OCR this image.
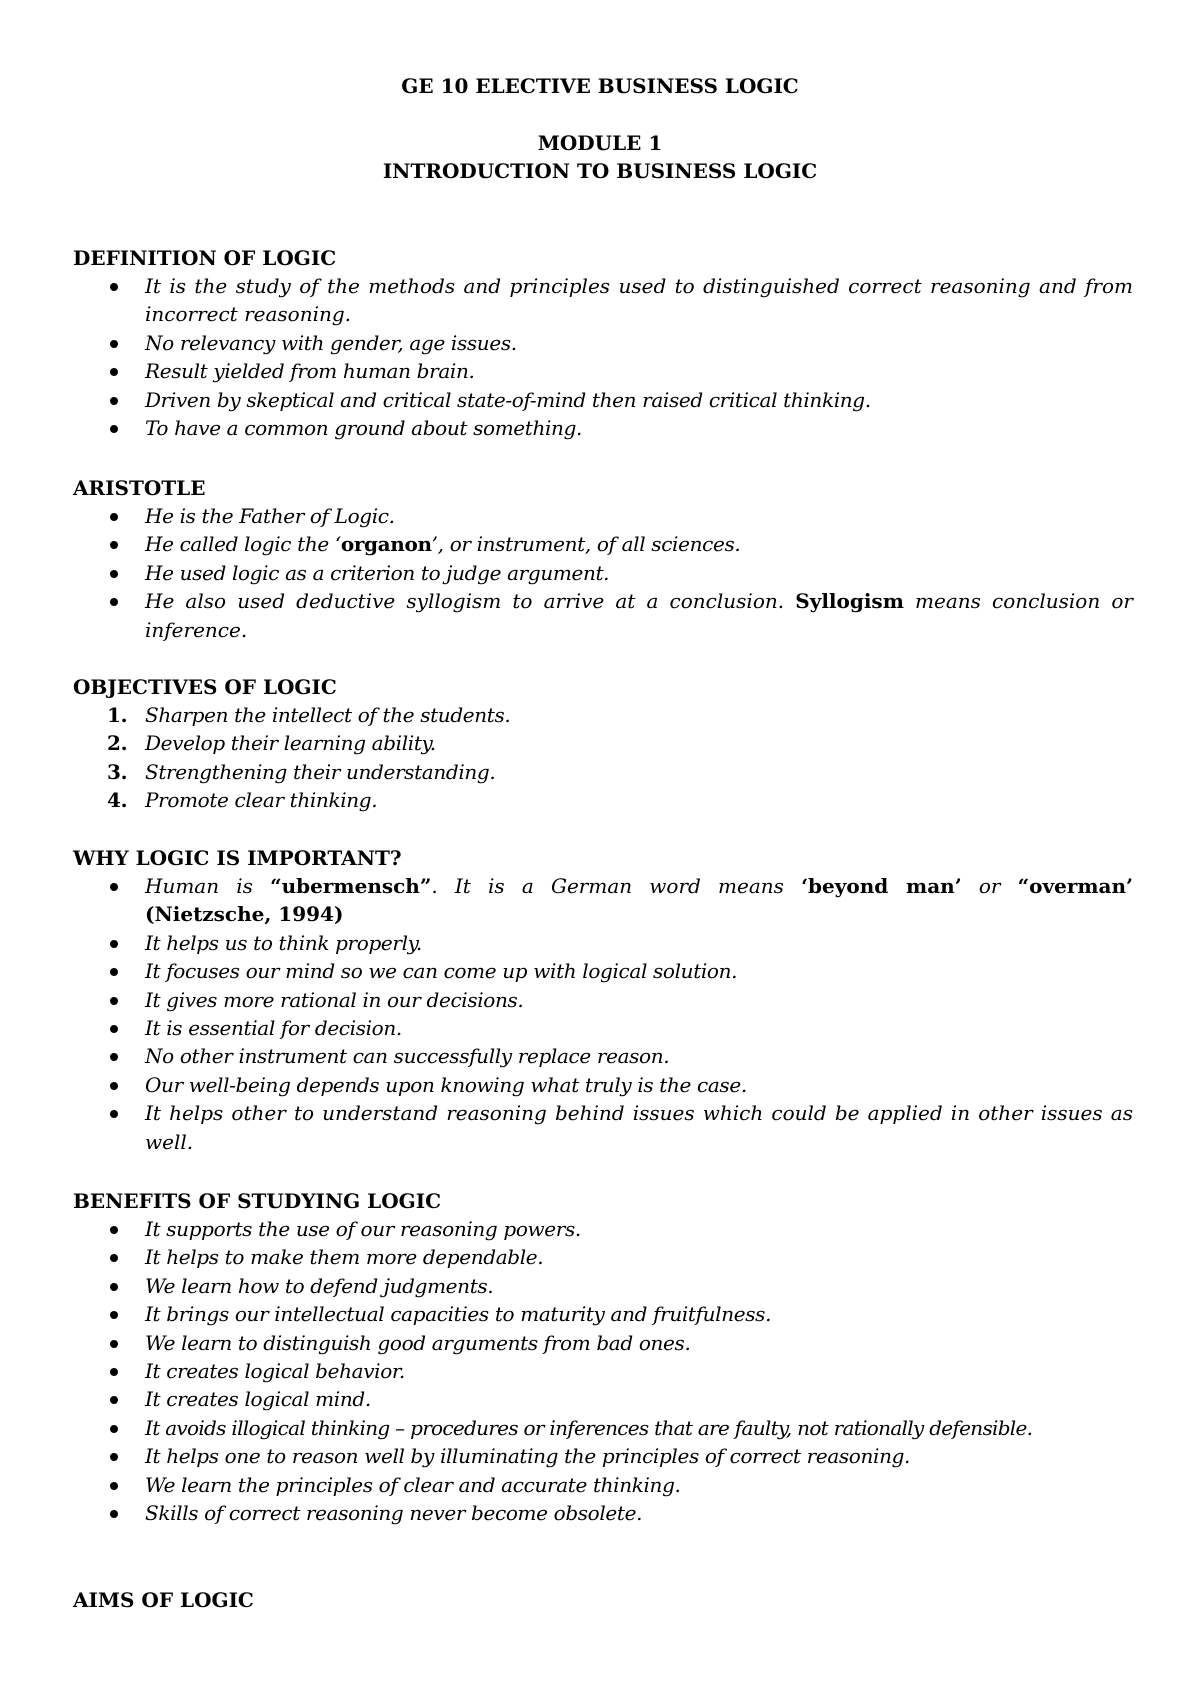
GE 10 ELECTIVE BUSINESS LOGIC
MODULE 1
INTRODUCTION TO BUSINESS LOGIC
DEFINITION OF LOGIC
It is the study of the methods and principles used to distinguished correct reasoning and from incorrect reasoning.
No relevancy with gender, age issues.
Result yielded from human brain.
Driven by skeptical and critical state-of-mind then raised critical thinking.
To have a common ground about something.
ARISTOTLE
He is the Father of Logic.
He called logic the ‘organon’, or instrument, of all sciences.
He used logic as a criterion to judge argument.
He also used deductive syllogism to arrive at a conclusion. Syllogism means conclusion or inference.
OBJECTIVES OF LOGIC
1. Sharpen the intellect of the students.
2. Develop their learning ability.
3. Strengthening their understanding.
4. Promote clear thinking.
WHY LOGIC IS IMPORTANT?
Human is “ubermensch”. It is a German word means ‘beyond man’ or “overman’ (Nietzsche, 1994)
It helps us to think properly.
It focuses our mind so we can come up with logical solution.
It gives more rational in our decisions.
It is essential for decision.
No other instrument can successfully replace reason.
Our well-being depends upon knowing what truly is the case.
It helps other to understand reasoning behind issues which could be applied in other issues as well.
BENEFITS OF STUDYING LOGIC
It supports the use of our reasoning powers.
It helps to make them more dependable.
We learn how to defend judgments.
It brings our intellectual capacities to maturity and fruitfulness.
We learn to distinguish good arguments from bad ones.
It creates logical behavior.
It creates logical mind.
It avoids illogical thinking – procedures or inferences that are faulty, not rationally defensible.
It helps one to reason well by illuminating the principles of correct reasoning.
We learn the principles of clear and accurate thinking.
Skills of correct reasoning never become obsolete.
AIMS OF LOGIC
